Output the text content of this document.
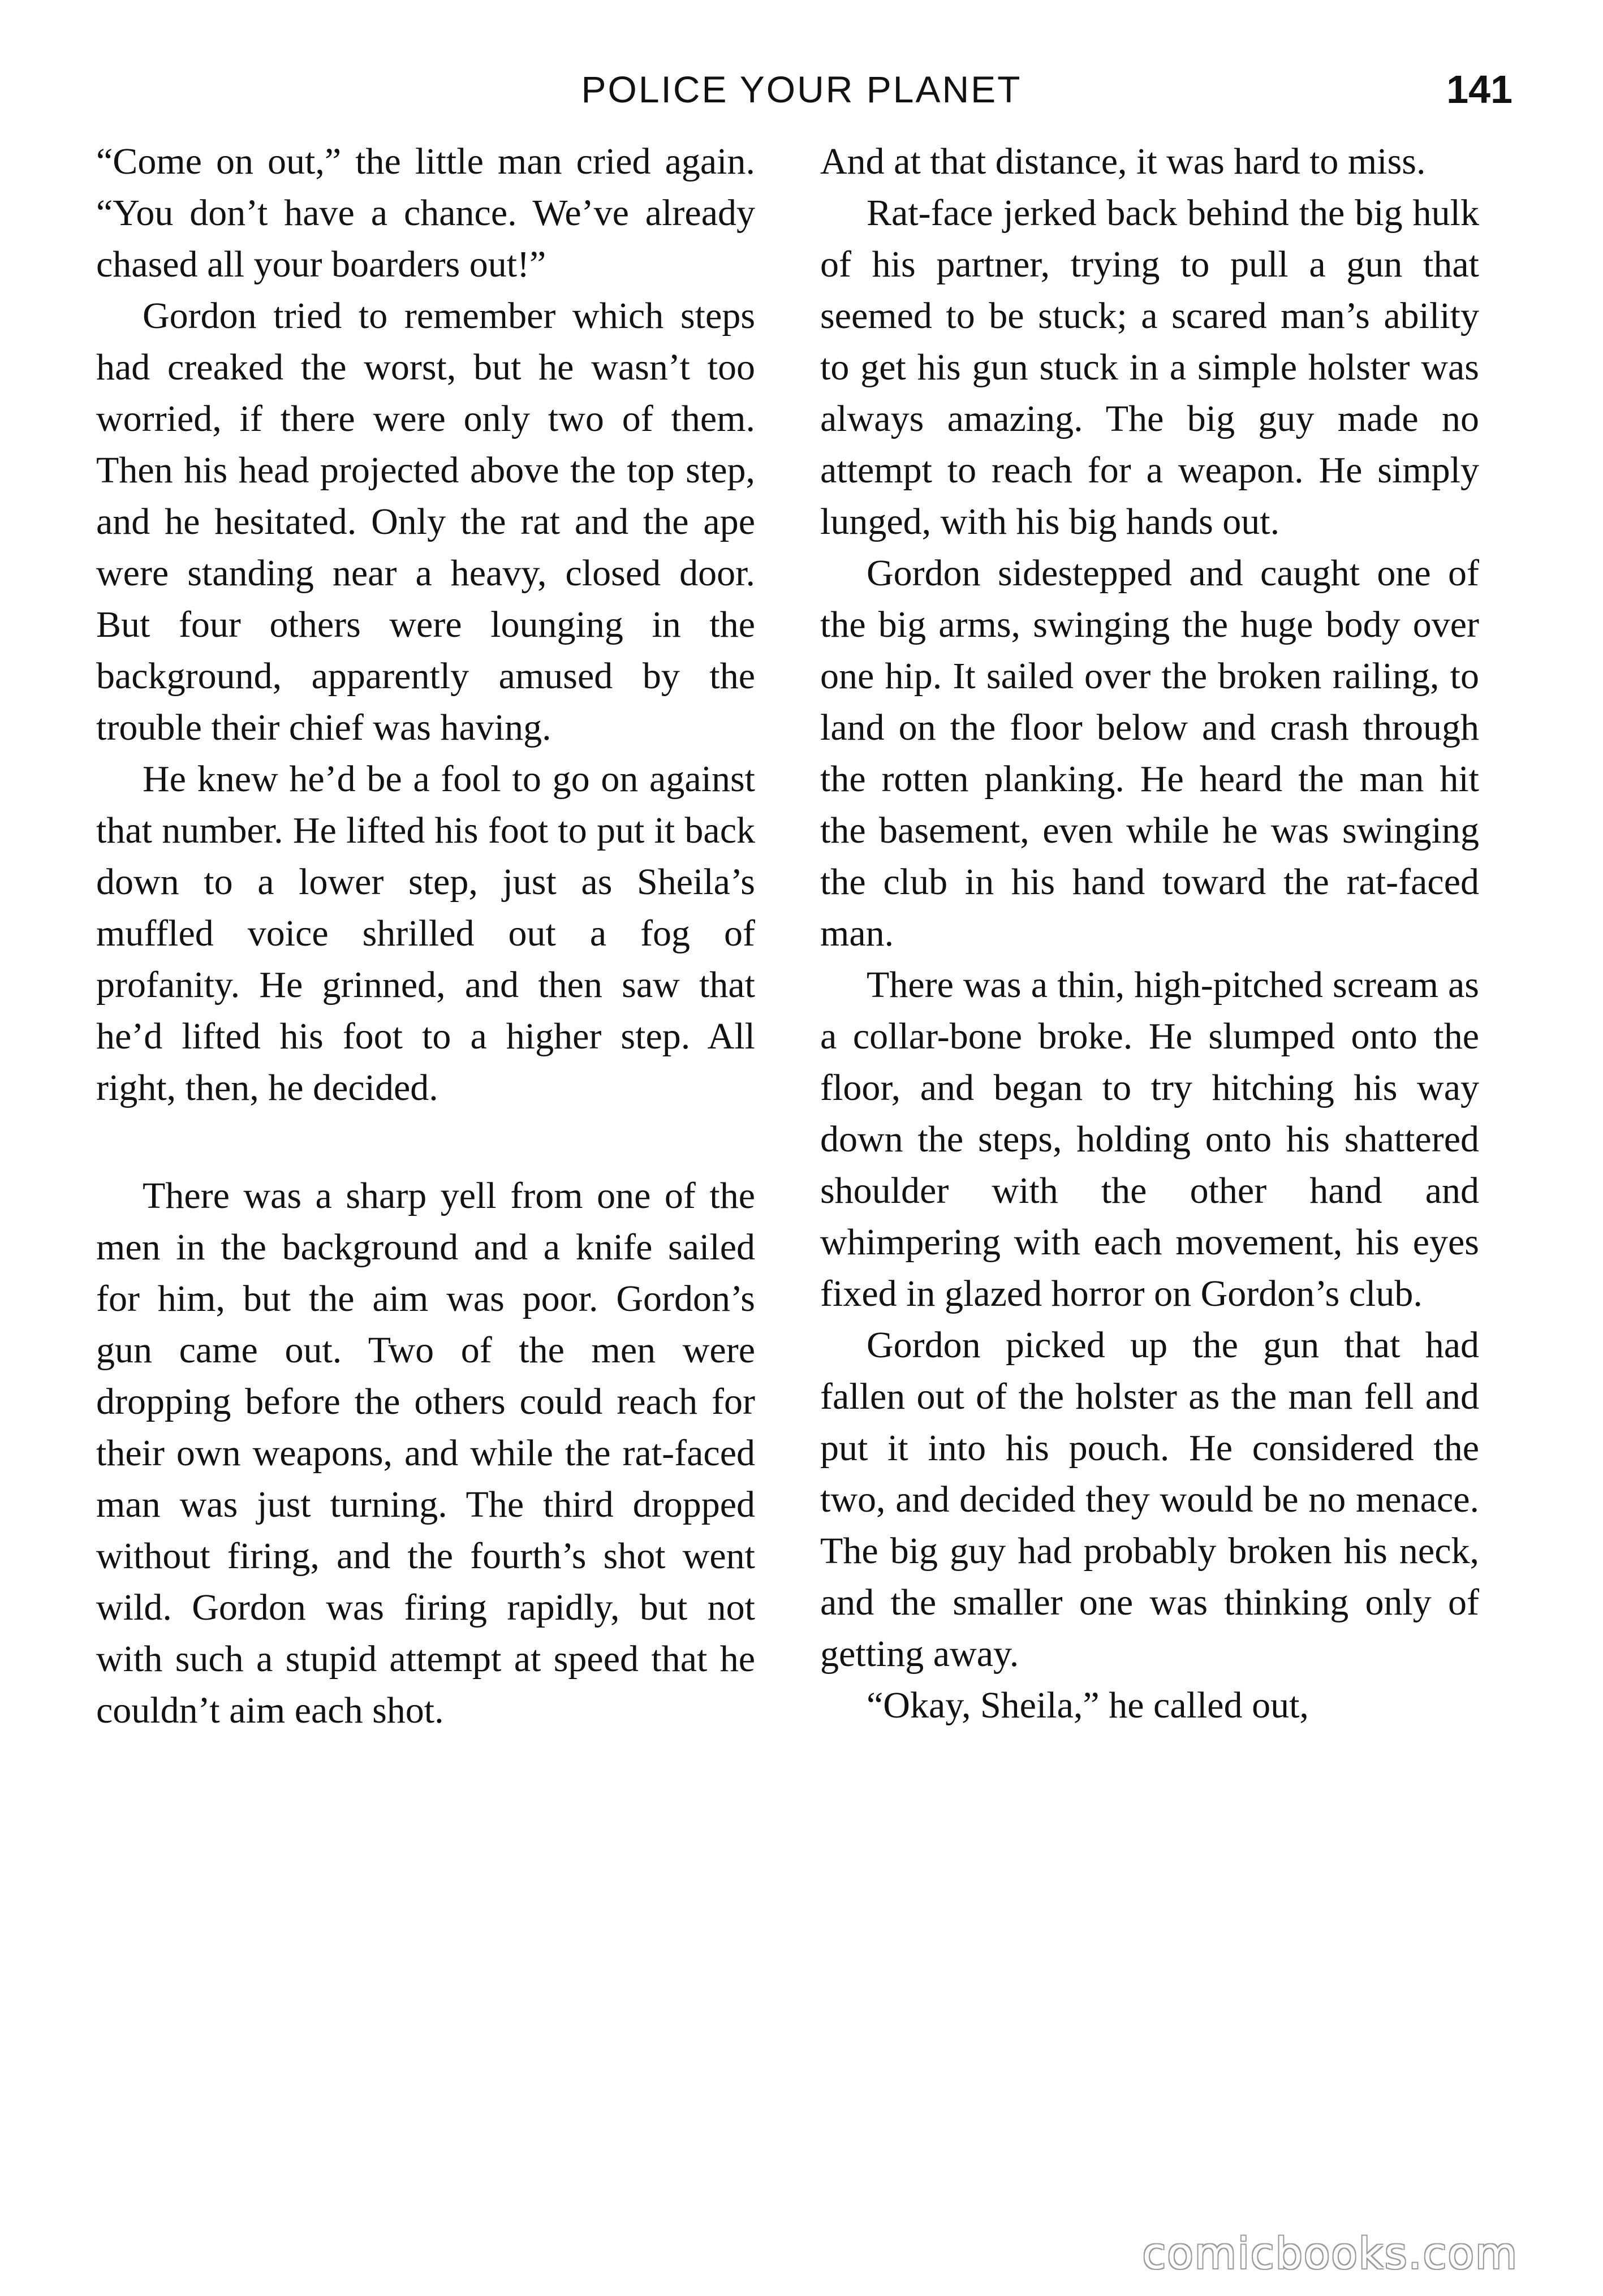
POLICE YOUR PLANET	141

“Come on out,” the little man cried again. “You don’t have a chance. We’ve already chased all your boarders out!”

Gordon tried to remember which steps had creaked the worst, but he wasn’t too worried, if there were only two of them. Then his head projected above the top step, and he hesitated. Only the rat and the ape were standing near a heavy, closed door. But four others were lounging in the background, apparently amused by the trouble their chief was having.

He knew he’d be a fool to go on against that number. He lifted his foot to put it back down to a lower step, just as Sheila’s muffled voice shrilled out a fog of profanity. He grinned, and then saw that he’d lifted his foot to a higher step. All right, then, he decided.

There was a sharp yell from one of the men in the background and a knife sailed for him, but the aim was poor. Gordon’s gun came out. Two of the men were dropping before the others could reach for their own weapons, and while the rat-faced man was just turning. The third dropped without firing, and the fourth’s shot went wild. Gordon was firing rapidly, but not with such a stupid attempt at speed that he couldn’t aim each shot.

And at that distance, it was hard to miss.

Rat-face jerked back behind the big hulk of his partner, trying to pull a gun that seemed to be stuck; a scared man’s ability to get his gun stuck in a simple holster was always amazing. The big guy made no attempt to reach for a weapon. He simply lunged, with his big hands out.

Gordon sidestepped and caught one of the big arms, swinging the huge body over one hip. It sailed over the broken railing, to land on the floor below and crash through the rotten planking. He heard the man hit the basement, even while he was swinging the club in his hand toward the rat-faced man.

There was a thin, high-pitched scream as a collar-bone broke. He slumped onto the floor, and began to try hitching his way down the steps, holding onto his shattered shoulder with the other hand and whimpering with each movement, his eyes fixed in glazed horror on Gordon’s club.

Gordon picked up the gun that had fallen out of the holster as the man fell and put it into his pouch. He considered the two, and decided they would be no menace. The big guy had probably broken his neck, and the smaller one was thinking only of getting away.

“Okay, Sheila,” he called out,

comicbooks.com
